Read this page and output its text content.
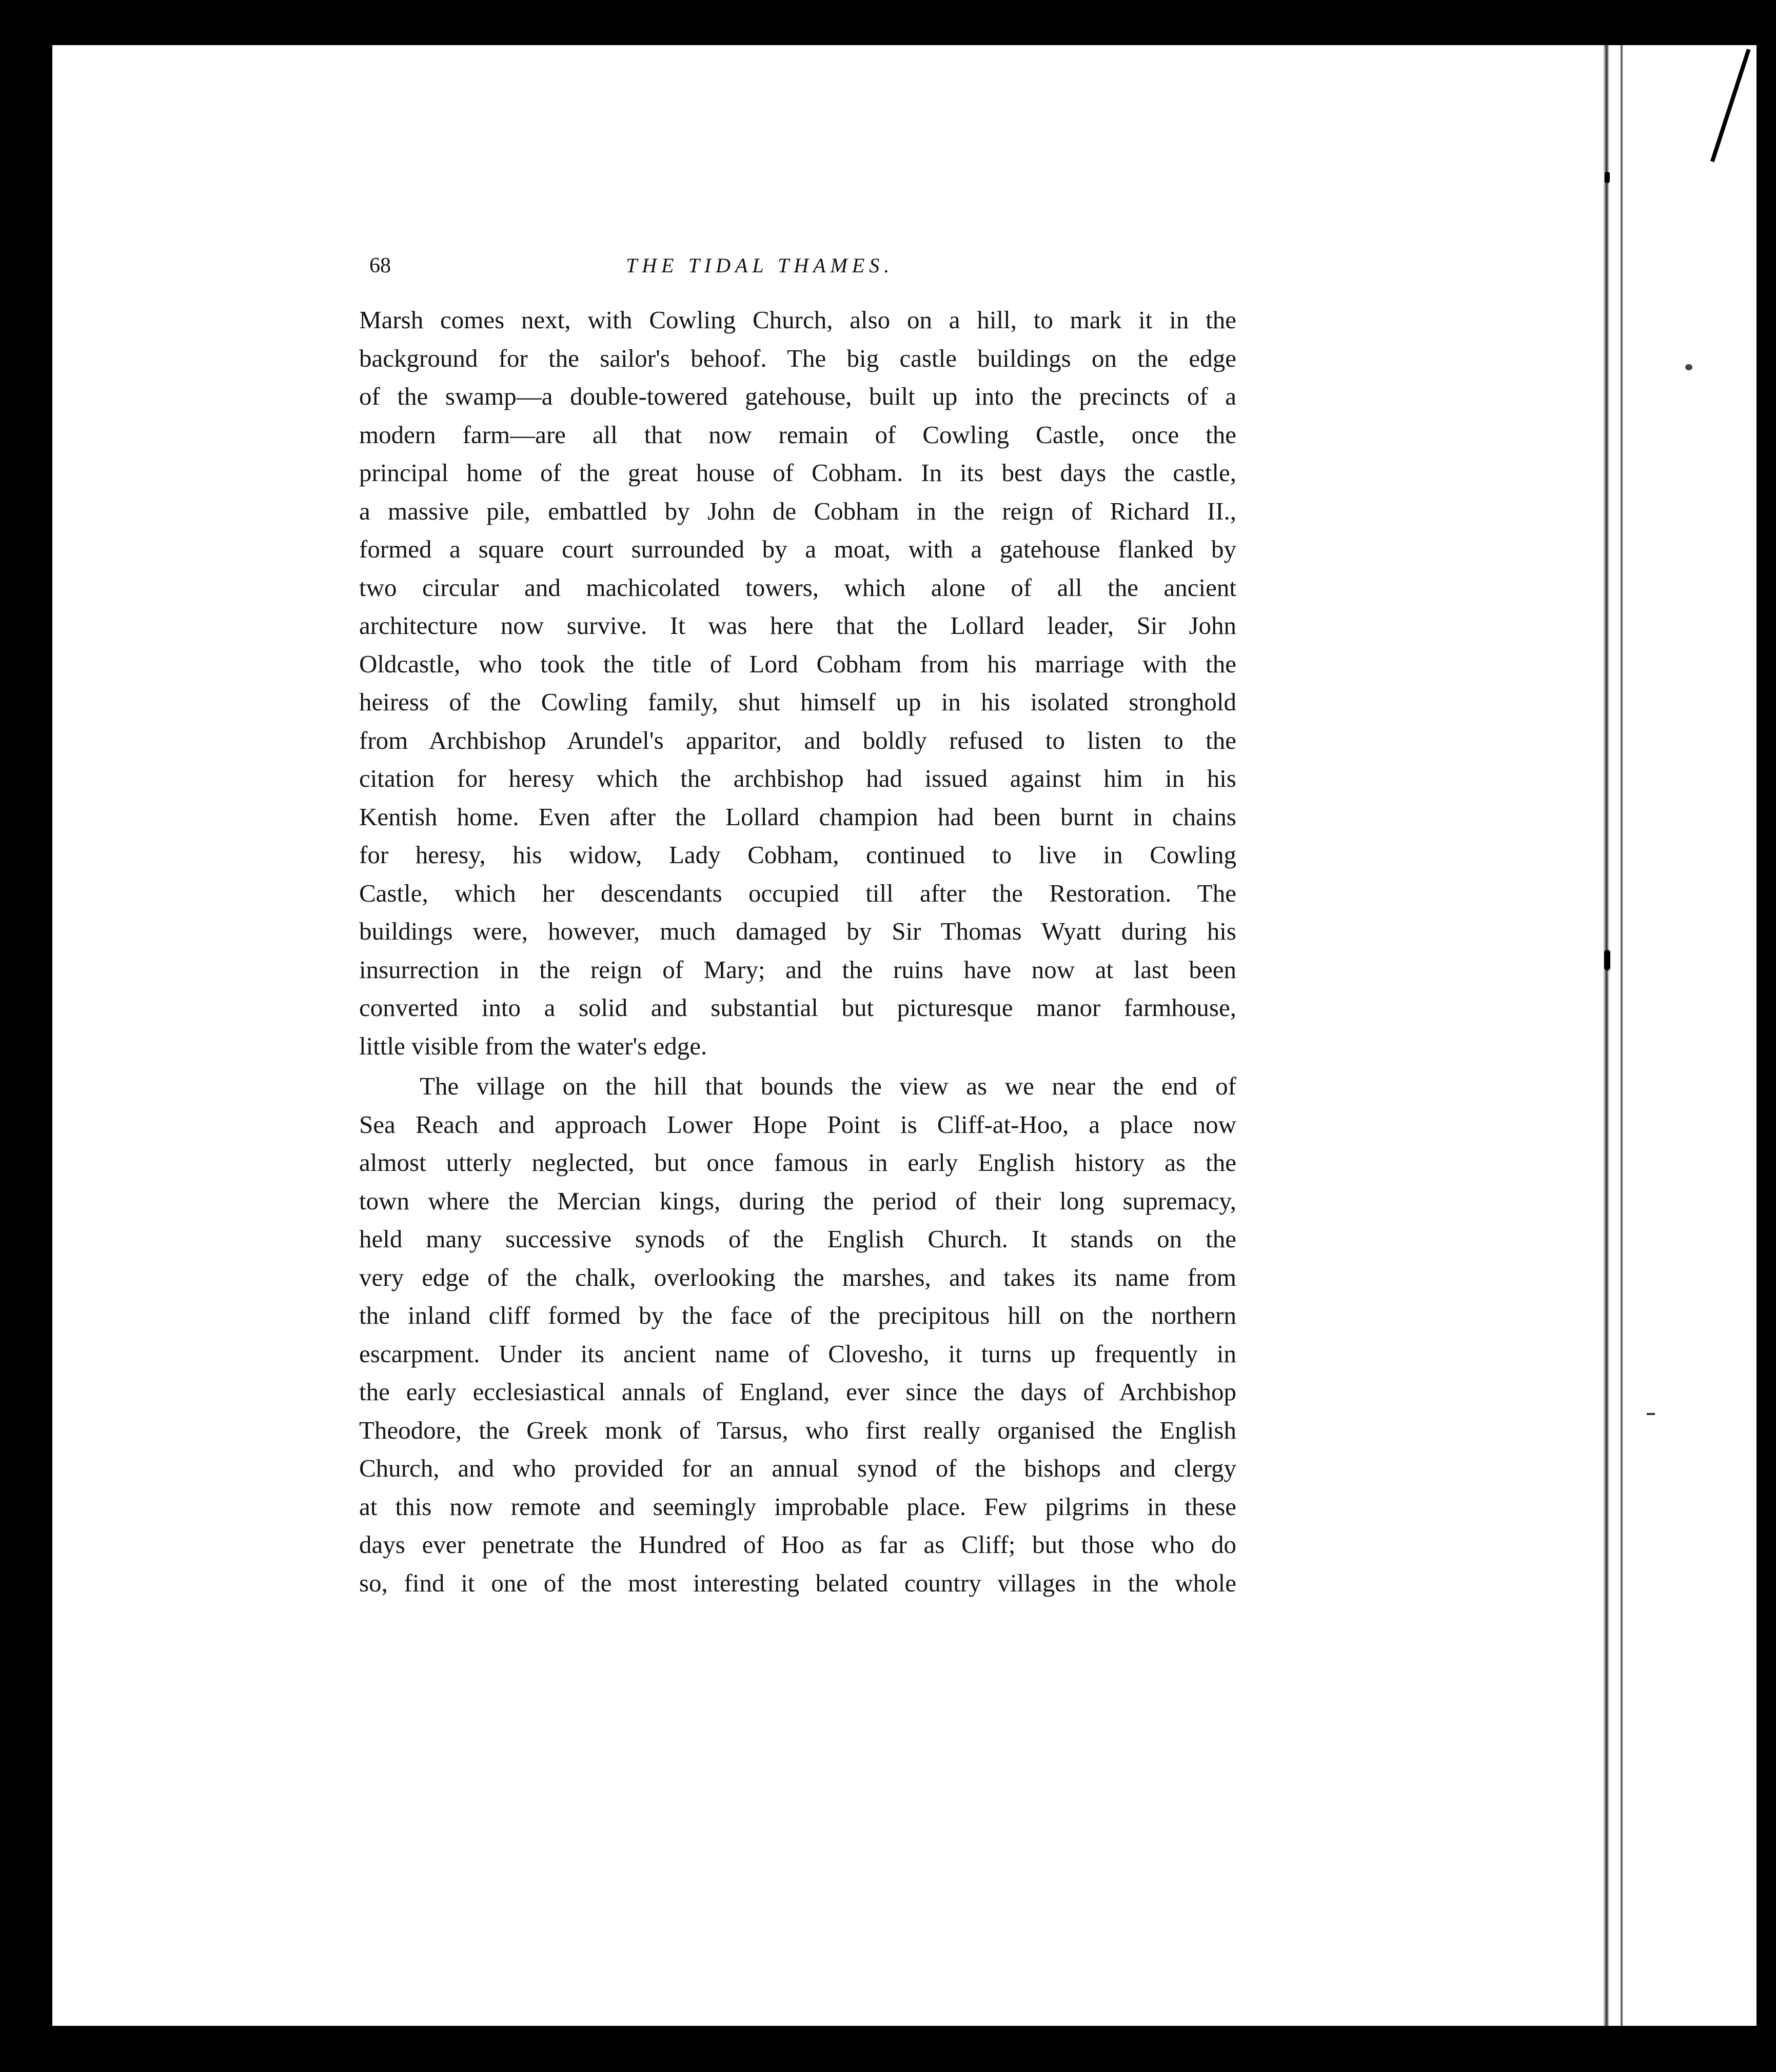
68	THE TIDAL THAMES.
Marsh comes next, with Cowling Church, also on a hill, to mark it in the
background for the sailor's behoof. The big castle buildings on the edge
of the swamp—a double-towered gatehouse, built up into the precincts of a
modern farm—are all that now remain of Cowling Castle, once the
principal home of the great house of Cobham. In its best days the castle,
a massive pile, embattled by John de Cobham in the reign of Richard II.,
formed a square court surrounded by a moat, with a gatehouse flanked by
two circular and machicolated towers, which alone of all the ancient
architecture now survive. It was here that the Lollard leader, Sir John
Oldcastle, who took the title of Lord Cobham from his marriage with the
heiress of the Cowling family, shut himself up in his isolated stronghold
from Archbishop Arundel's apparitor, and boldly refused to listen to the
citation for heresy which the archbishop had issued against him in his
Kentish home. Even after the Lollard champion had been burnt in chains
for heresy, his widow, Lady Cobham, continued to live in Cowling
Castle, which her descendants occupied till after the Restoration. The
buildings were, however, much damaged by Sir Thomas Wyatt during his
insurrection in the reign of Mary; and the ruins have now at last been
converted into a solid and substantial but picturesque manor farmhouse,
little visible from the water's edge.
The village on the hill that bounds the view as we near the end of
Sea Reach and approach Lower Hope Point is Cliff-at-Hoo, a place now
almost utterly neglected, but once famous in early English history as the
town where the Mercian kings, during the period of their long supremacy,
held many successive synods of the English Church. It stands on the
very edge of the chalk, overlooking the marshes, and takes its name from
the inland cliff formed by the face of the precipitous hill on the northern
escarpment. Under its ancient name of Clovesho, it turns up frequently in
the early ecclesiastical annals of England, ever since the days of Archbishop
Theodore, the Greek monk of Tarsus, who first really organised the English
Church, and who provided for an annual synod of the bishops and clergy
at this now remote and seemingly improbable place. Few pilgrims in these
days ever penetrate the Hundred of Hoo as far as Cliff; but those who do
so, find it one of the most interesting belated country villages in the whole
